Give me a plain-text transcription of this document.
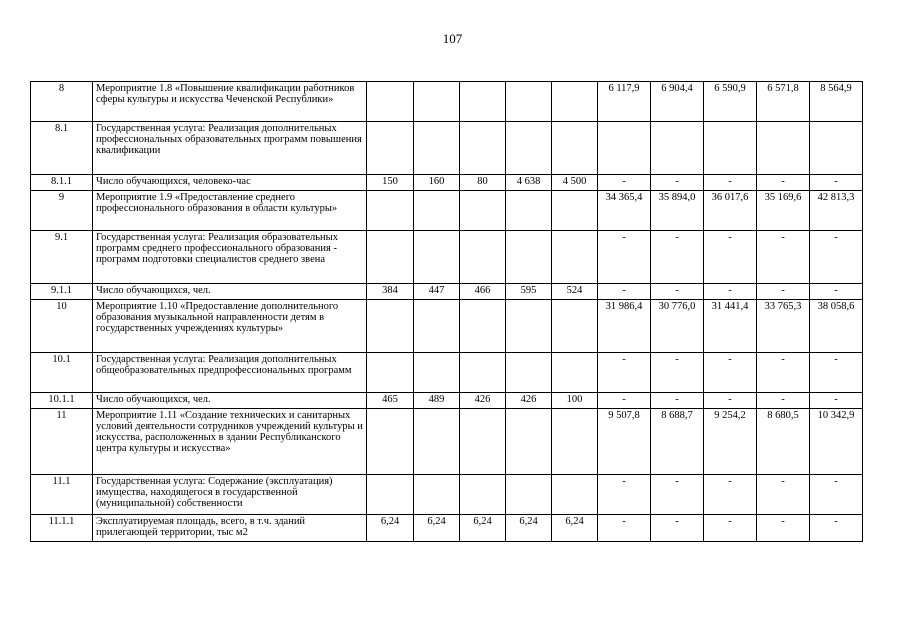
107
8	Мероприятие 1.8 «Повышение квалификации работников сферы культуры и искусства Чеченской Республики»						6 117,9	6 904,4	6 590,9	6 571,8	8 564,9
8.1	Государственная услуга: Реализация дополнительных профессиональных образовательных программ повышения квалификации										
8.1.1	Число обучающихся, человеко-час	150	160	80	4 638	4 500	-	-	-	-	-
9	Мероприятие 1.9 «Предоставление среднего профессионального образования в области культуры»						34 365,4	35 894,0	36 017,6	35 169,6	42 813,3
9.1	Государственная услуга: Реализация образовательных программ среднего профессионального образования - программ подготовки специалистов среднего звена						-	-	-	-	-
9.1.1	Число обучающихся, чел.	384	447	466	595	524	-	-	-	-	-
10	Мероприятие 1.10 «Предоставление дополнительного образования музыкальной направленности детям в государственных учреждениях культуры»						31 986,4	30 776,0	31 441,4	33 765,3	38 058,6
10.1	Государственная услуга: Реализация дополнительных общеобразовательных предпрофессиональных программ						-	-	-	-	-
10.1.1	Число обучающихся, чел.	465	489	426	426	100	-	-	-	-	-
11	Мероприятие 1.11 «Создание технических и санитарных условий деятельности сотрудников учреждений культуры и искусства, расположенных в здании Республиканского центра культуры и искусства»						9 507,8	8 688,7	9 254,2	8 680,5	10 342,9
11.1	Государственная услуга: Содержание (эксплуатация) имущества, находящегося в государственной (муниципальной) собственности						-	-	-	-	-
11.1.1	Эксплуатируемая площадь, всего, в т.ч. зданий прилегающей территории, тыс м2	6,24	6,24	6,24	6,24	6,24	-	-	-	-	-
